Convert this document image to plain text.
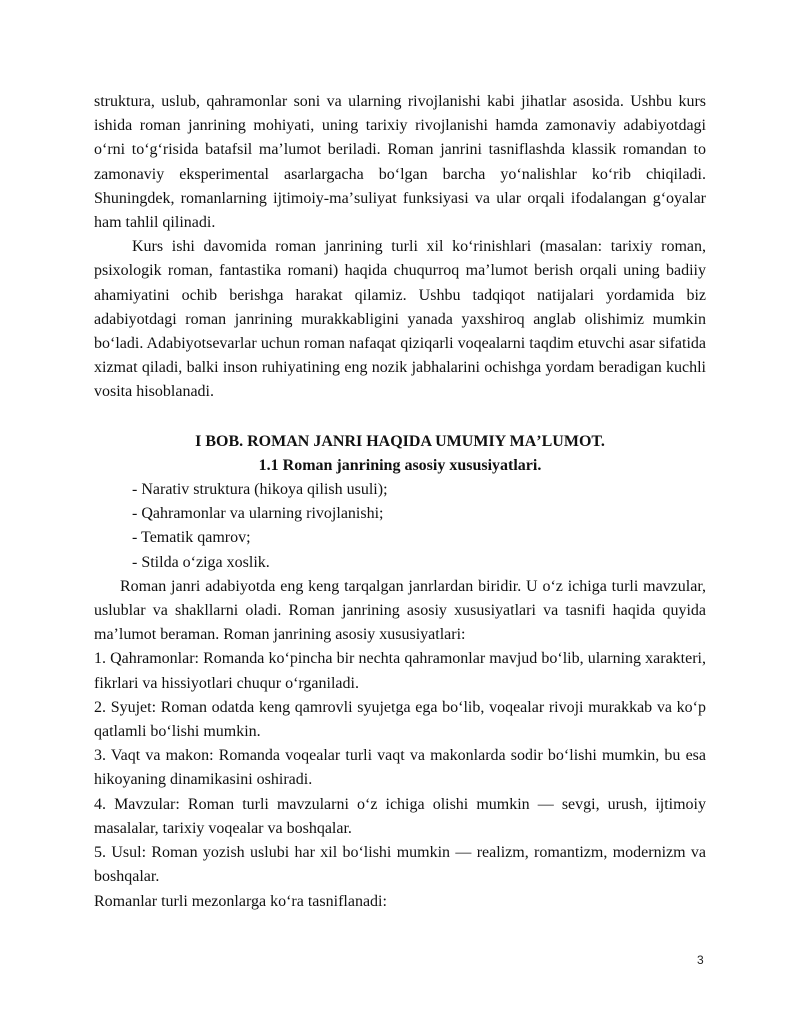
struktura, uslub, qahramonlar soni va ularning rivojlanishi kabi jihatlar asosida. Ushbu kurs ishida roman janrining mohiyati, uning tarixiy rivojlanishi hamda zamonaviy adabiyotdagi oʻrni toʻgʻrisida batafsil maʼlumot beriladi. Roman janrini tasniflashda klassik romandan to zamonaviy eksperimental asarlargacha boʻlgan barcha yoʻnalishlar koʻrib chiqiladi. Shuningdek, romanlarning ijtimoiy-maʼsuliyat funksiyasi va ular orqali ifodalangan gʻoyalar ham tahlil qilinadi.

Kurs ishi davomida roman janrining turli xil koʻrinishlari (masalan: tarixiy roman, psixologik roman, fantastika romani) haqida chuqurroq maʼlumot berish orqali uning badiiy ahamiyatini ochib berishga harakat qilamiz. Ushbu tadqiqot natijalari yordamida biz adabiyotdagi roman janrining murakkabligini yanada yaxshiroq anglab olishimiz mumkin boʻladi. Adabiyotsevarlar uchun roman nafaqat qiziqarli voqealarni taqdim etuvchi asar sifatida xizmat qiladi, balki inson ruhiyatining eng nozik jabhalarini ochishga yordam beradigan kuchli vosita hisoblanadi.

I BOB. ROMAN JANRI HAQIDA UMUMIY MAʼLUMOT.

1.1 Roman janrining asosiy xususiyatlari.

- Narativ struktura (hikoya qilish usuli);
- Qahramonlar va ularning rivojlanishi;
- Tematik qamrov;
- Stilda oʻziga xoslik.

Roman janri adabiyotda eng keng tarqalgan janrlardan biridir. U oʻz ichiga turli mavzular, uslublar va shakllarni oladi. Roman janrining asosiy xususiyatlari va tasnifi haqida quyida maʼlumot beraman. Roman janrining asosiy xususiyatlari:

1. Qahramonlar: Romanda koʻpincha bir nechta qahramonlar mavjud boʻlib, ularning xarakteri, fikrlari va hissiyotlari chuqur oʻrganiladi.
2. Syujet: Roman odatda keng qamrovli syujetga ega boʻlib, voqealar rivoji murakkab va koʻp qatlamli boʻlishi mumkin.
3. Vaqt va makon: Romanda voqealar turli vaqt va makonlarda sodir boʻlishi mumkin, bu esa hikoyaning dinamikasini oshiradi.
4. Mavzular: Roman turli mavzularni oʻz ichiga olishi mumkin — sevgi, urush, ijtimoiy masalalar, tarixiy voqealar va boshqalar.
5. Usul: Roman yozish uslubi har xil boʻlishi mumkin — realizm, romantizm, modernizm va boshqalar.

Romanlar turli mezonlarga koʻra tasniflanadi:

3
